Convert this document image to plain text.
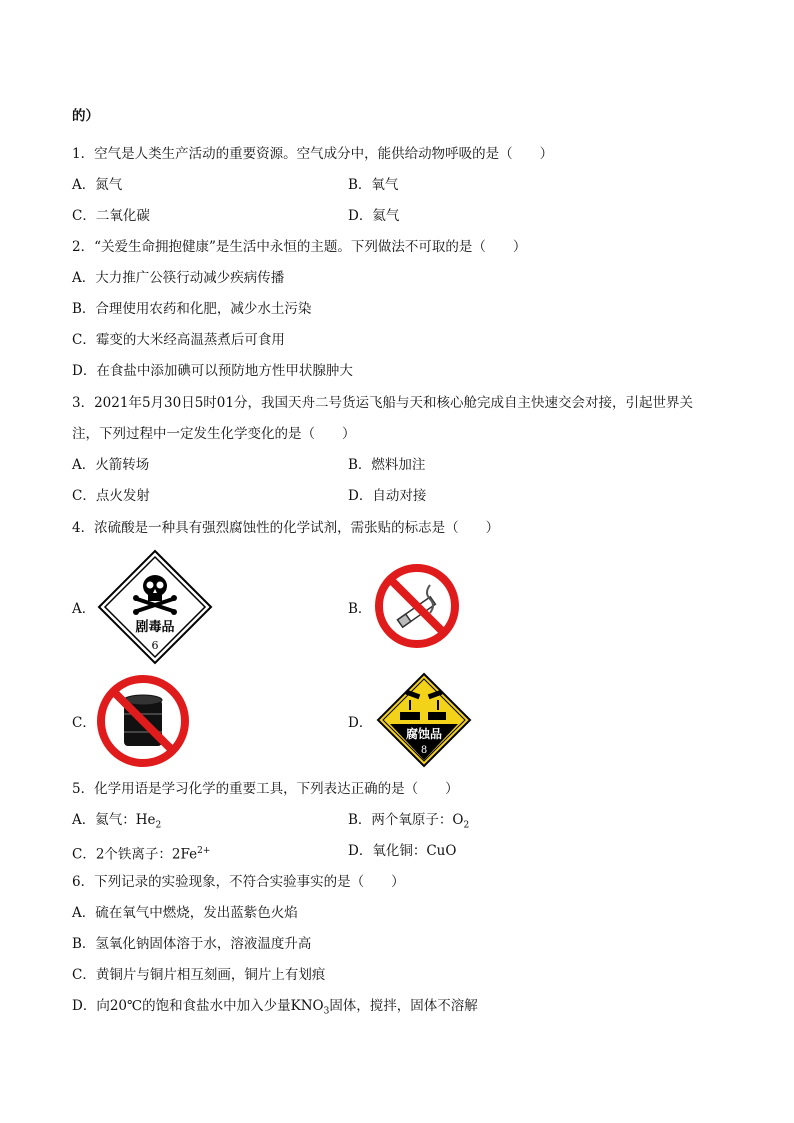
的）
1．空气是人类生产活动的重要资源。空气成分中，能供给动物呼吸的是（　　）
A．氮气	B．氧气
C．二氧化碳	D．氦气
2．“关爱生命拥抱健康”是生活中永恒的主题。下列做法不可取的是（　　）
A．大力推广公筷行动减少疾病传播
B．合理使用农药和化肥，减少水土污染
C．霉变的大米经高温蒸煮后可食用
D．在食盐中添加碘可以预防地方性甲状腺肿大
3．2021年5月30日5时01分，我国天舟二号货运飞船与天和核心舱完成自主快速交会对接，引起世界关
注，下列过程中一定发生化学变化的是（　　）
A．火箭转场	B．燃料加注
C．点火发射	D．自动对接
4．浓硫酸是一种具有强烈腐蚀性的化学试剂，需张贴的标志是（　　）
A．
剧毒品
6
B．
C．	D．
腐蚀品
8
5．化学用语是学习化学的重要工具，下列表达正确的是（　　）
A．氦气：$He_2$	B．两个氧原子：$O_2$
C．2个铁离子：$2Fe^{2+}$	D．氧化铜：CuO
6．下列记录的实验现象，不符合实验事实的是（　　）
A．硫在氧气中燃烧，发出蓝紫色火焰
B．氢氧化钠固体溶于水，溶液温度升高
C．黄铜片与铜片相互刻画，铜片上有划痕
D．向20℃的饱和食盐水中加入少量$KNO_3$固体，搅拌，固体不溶解
